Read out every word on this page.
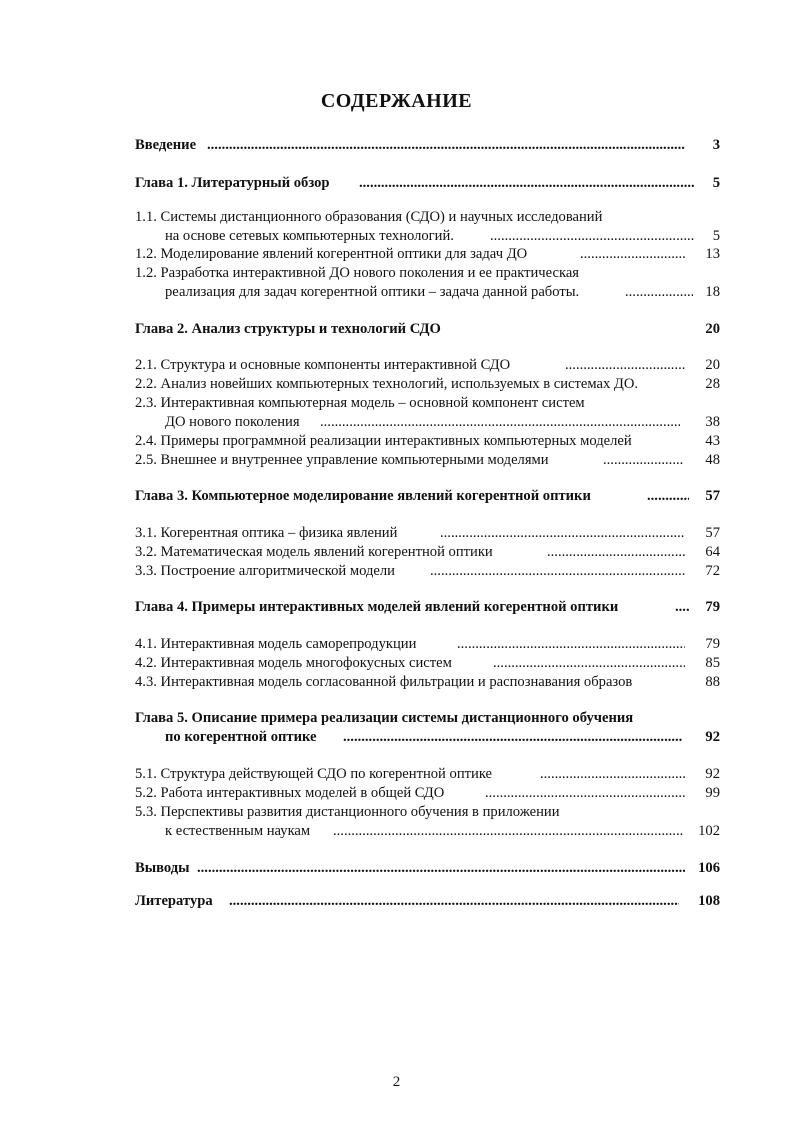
СОДЕРЖАНИЕ
Введение .....	3
Глава 1. Литературный обзор .....	5
1.1. Системы дистанционного образования (СДО) и научных исследований
на основе сетевых компьютерных технологий. .....	5
1.2. Моделирование явлений когерентной оптики для задач ДО .....	13
1.2. Разработка интерактивной ДО нового поколения и ее практическая
реализация для задач когерентной оптики – задача данной работы. .....	18
Глава 2. Анализ структуры и технологий СДО	20
2.1. Структура и основные компоненты интерактивной СДО .....	20
2.2. Анализ новейших компьютерных технологий, используемых в системах ДО.	28
2.3. Интерактивная компьютерная модель – основной компонент систем
ДО нового поколения .....	38
2.4. Примеры программной реализации интерактивных компьютерных моделей	43
2.5. Внешнее и внутреннее управление компьютерными моделями .....	48
Глава 3. Компьютерное моделирование явлений когерентной оптики .....	57
3.1. Когерентная оптика – физика явлений .....	57
3.2. Математическая модель явлений когерентной оптики .....	64
3.3. Построение алгоритмической модели .....	72
Глава 4. Примеры интерактивных моделей явлений когерентной оптики .....	79
4.1. Интерактивная модель саморепродукции .....	79
4.2. Интерактивная модель многофокусных систем .....	85
4.3. Интерактивная модель согласованной фильтрации и распознавания образов	88
Глава 5. Описание примера реализации системы дистанционного обучения
по когерентной оптике .....	92
5.1. Структура действующей СДО по когерентной оптике .....	92
5.2. Работа интерактивных моделей в общей СДО .....	99
5.3. Перспективы развития дистанционного обучения в приложении
к естественным наукам .....	102
Выводы .....	106
Литература .....	108
2
